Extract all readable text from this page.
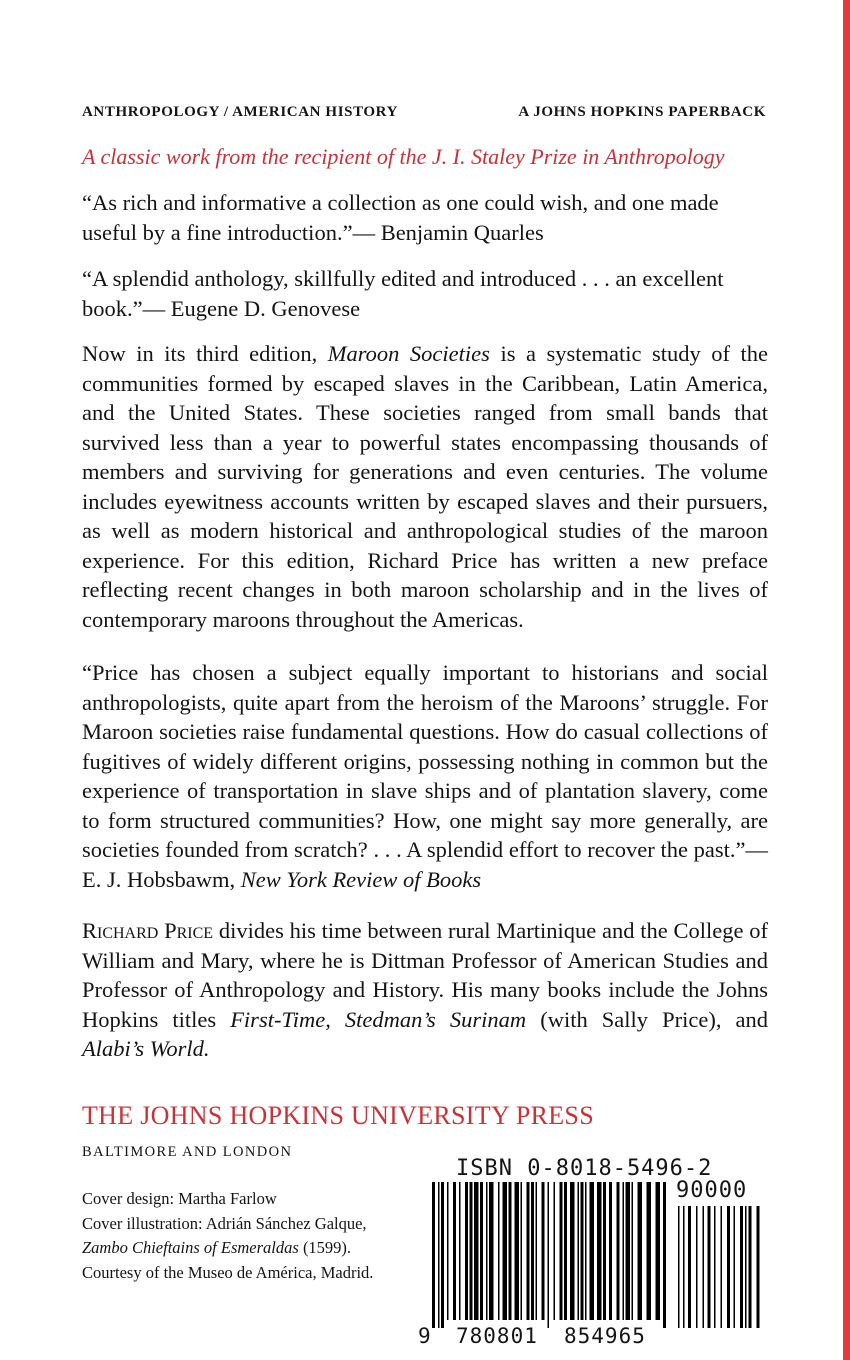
ANTHROPOLOGY / AMERICAN HISTORY	A JOHNS HOPKINS PAPERBACK
A classic work from the recipient of the J. I. Staley Prize in Anthropology

“As rich and informative a collection as one could wish, and one made useful by a fine introduction.”— Benjamin Quarles

“A splendid anthology, skillfully edited and introduced . . . an excellent book.”— Eugene D. Genovese

Now in its third edition, Maroon Societies is a systematic study of the communities formed by escaped slaves in the Caribbean, Latin America, and the United States. These societies ranged from small bands that survived less than a year to powerful states encompassing thousands of members and surviving for generations and even centuries. The volume includes eyewitness accounts written by escaped slaves and their pursuers, as well as modern historical and anthropological studies of the maroon experience. For this edition, Richard Price has written a new preface reflecting recent changes in both maroon scholarship and in the lives of contemporary maroons throughout the Americas.

“Price has chosen a subject equally important to historians and social anthropologists, quite apart from the heroism of the Maroons’ struggle. For Maroon societies raise fundamental questions. How do casual collections of fugitives of widely different origins, possessing nothing in common but the experience of transportation in slave ships and of plantation slavery, come to form structured communities? How, one might say more generally, are societies founded from scratch? . . . A splendid effort to recover the past.”— E. J. Hobsbawm, New York Review of Books

Richard Price divides his time between rural Martinique and the College of William and Mary, where he is Dittman Professor of American Studies and Professor of Anthropology and History. His many books include the Johns Hopkins titles First-Time, Stedman’s Surinam (with Sally Price), and Alabi’s World.

THE JOHNS HOPKINS UNIVERSITY PRESS
BALTIMORE AND LONDON
Cover design: Martha Farlow
Cover illustration: Adrián Sánchez Galque,
Zambo Chieftains of Esmeraldas (1599).
Courtesy of the Museo de América, Madrid.
ISBN 0-8018-5496-2
90000
9 780801 854965
